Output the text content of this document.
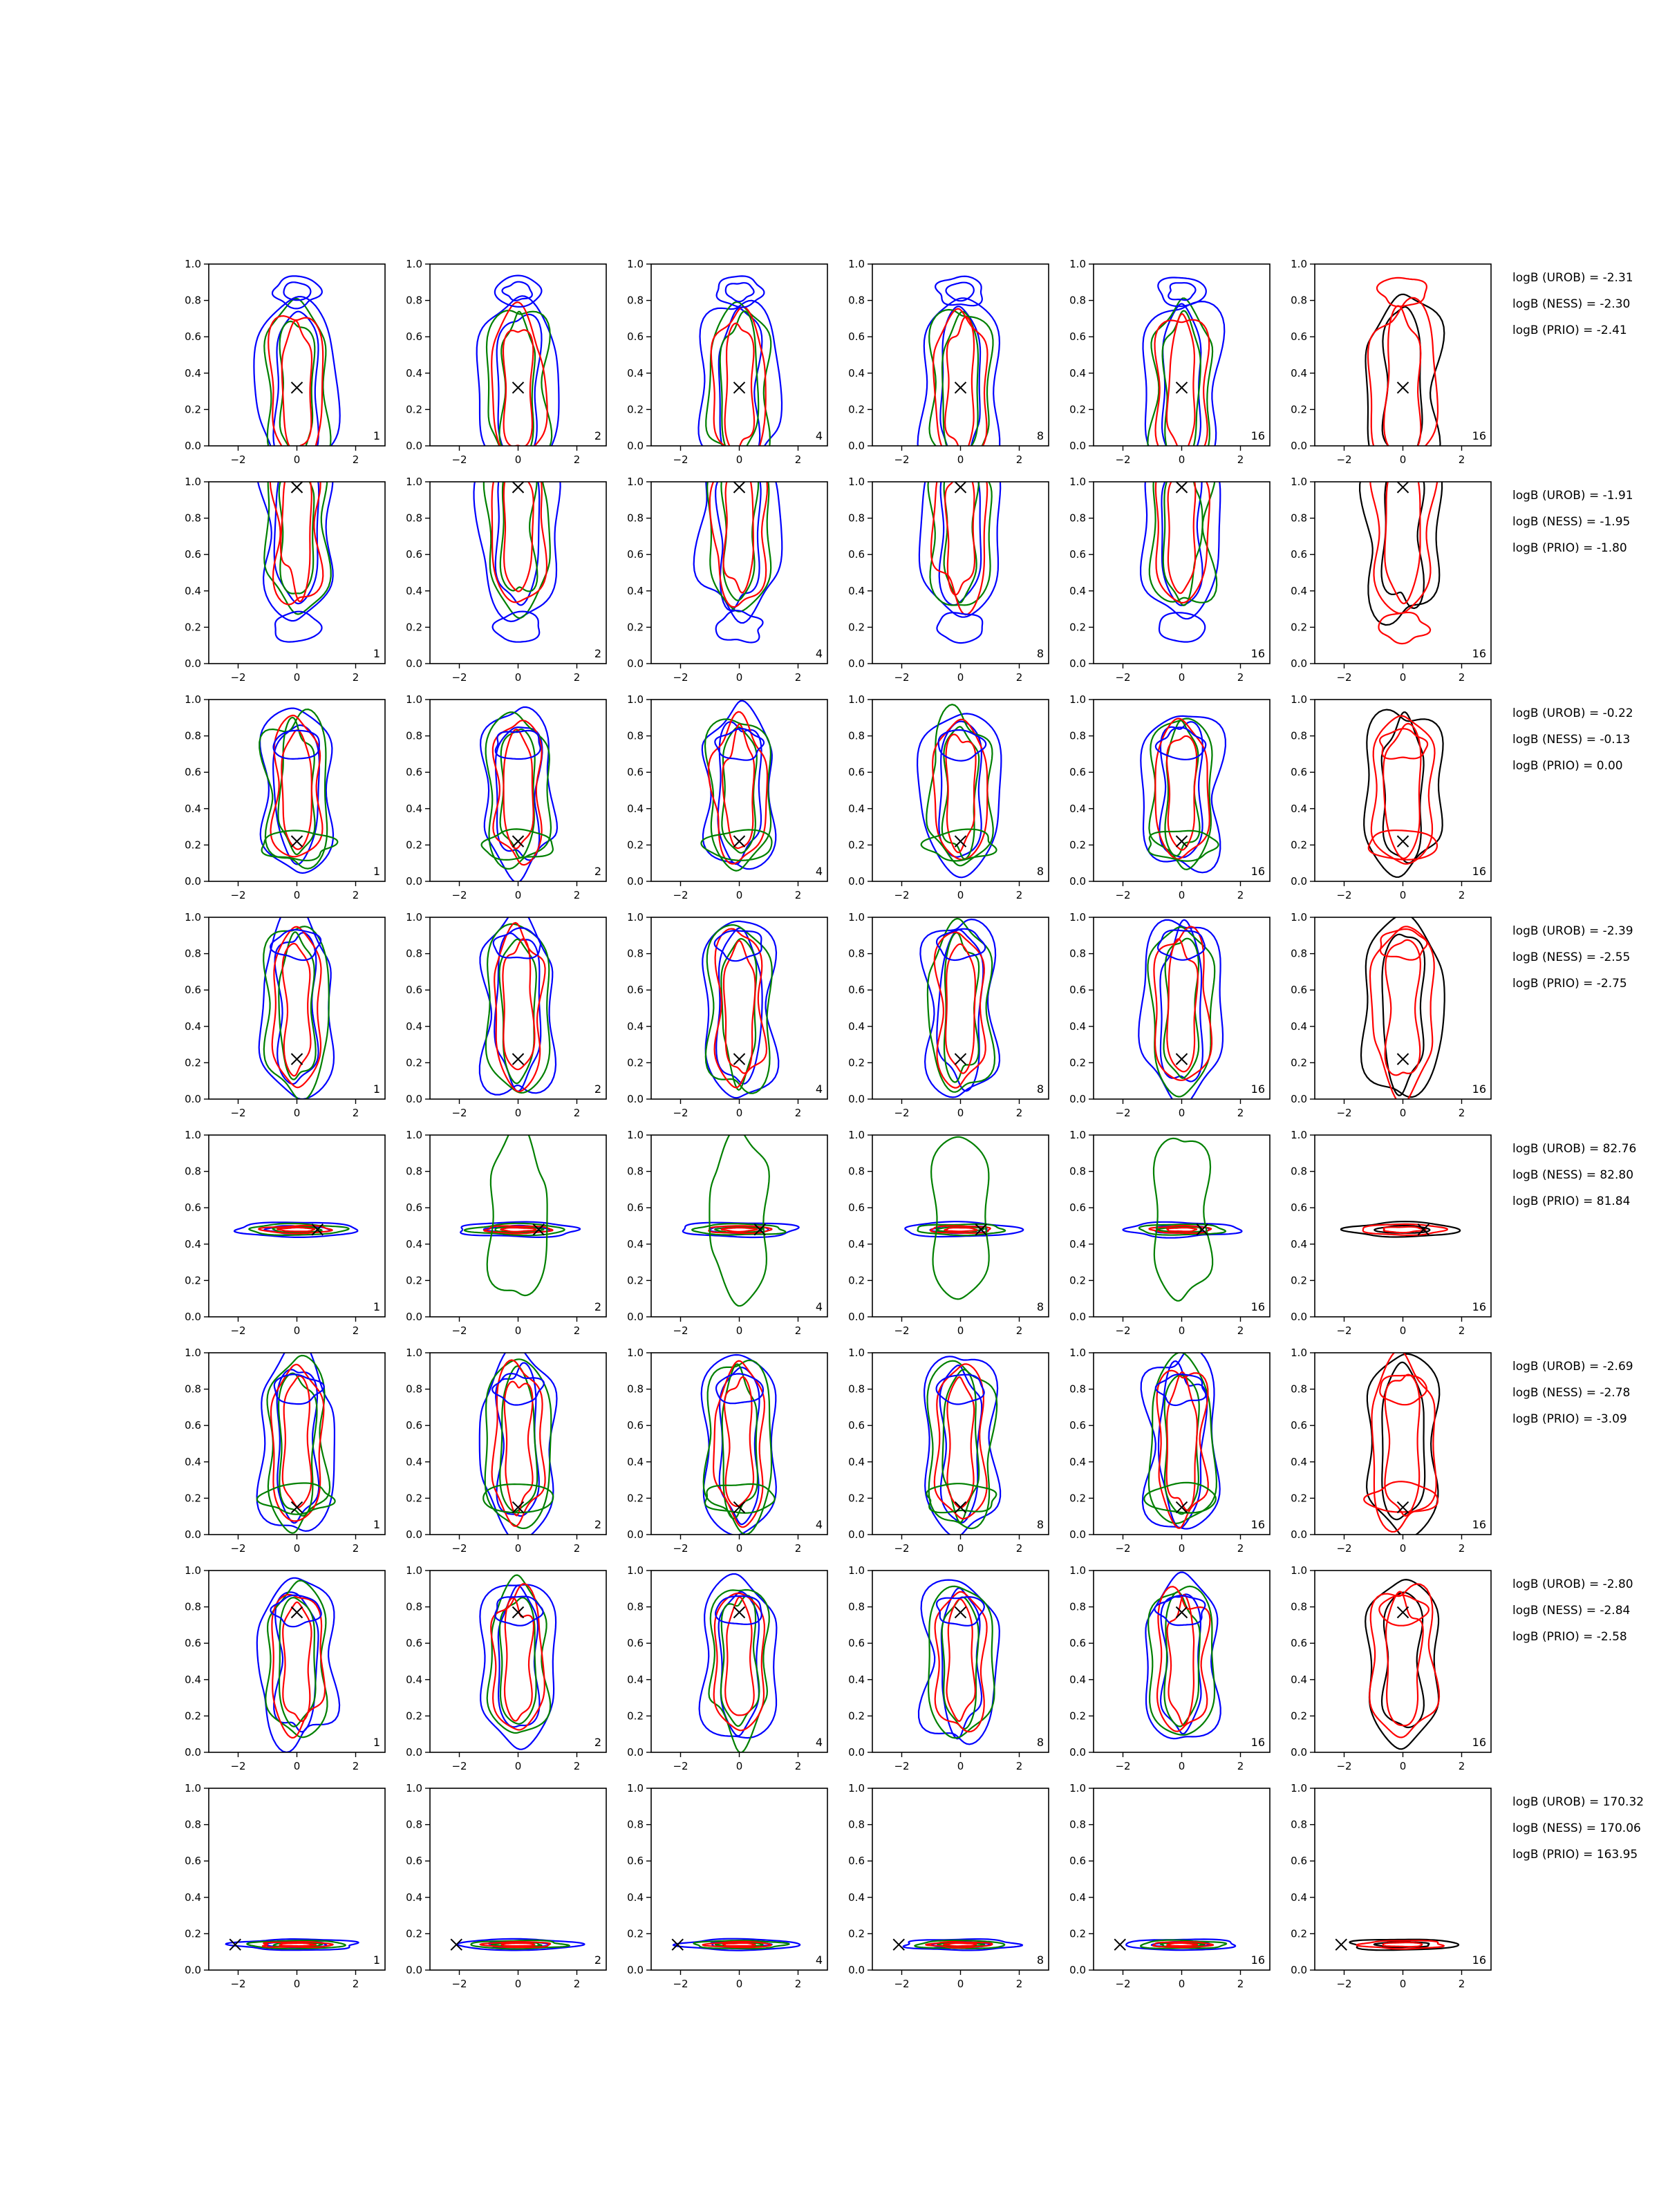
−2	0	2
0.0
0.2
0.4
0.6
0.8
1.0
1
−2	0	2
0.0
0.2
0.4
0.6
0.8
1.0
2
−2	0	2
0.0
0.2
0.4
0.6
0.8
1.0
4
−2	0	2
0.0
0.2
0.4
0.6
0.8
1.0
8
−2	0	2
0.0
0.2
0.4
0.6
0.8
1.0
16
−2	0	2
0.0
0.2
0.4
0.6
0.8
1.0
16
logB (UROB) = -2.31
logB (NESS) = -2.30
logB (PRIO) = -2.41
−2	0	2
0.0
0.2
0.4
0.6
0.8
1.0
1
−2	0	2
0.0
0.2
0.4
0.6
0.8
1.0
2
−2	0	2
0.0
0.2
0.4
0.6
0.8
1.0
4
−2	0	2
0.0
0.2
0.4
0.6
0.8
1.0
8
−2	0	2
0.0
0.2
0.4
0.6
0.8
1.0
16
−2	0	2
0.0
0.2
0.4
0.6
0.8
1.0
16
logB (UROB) = -1.91
logB (NESS) = -1.95
logB (PRIO) = -1.80
−2	0	2
0.0
0.2
0.4
0.6
0.8
1.0
1
−2	0	2
0.0
0.2
0.4
0.6
0.8
1.0
2
−2	0	2
0.0
0.2
0.4
0.6
0.8
1.0
4
−2	0	2
0.0
0.2
0.4
0.6
0.8
1.0
8
−2	0	2
0.0
0.2
0.4
0.6
0.8
1.0
16
−2	0	2
0.0
0.2
0.4
0.6
0.8
1.0
16
logB (UROB) = -0.22
logB (NESS) = -0.13
logB (PRIO) = 0.00
−2	0	2
0.0
0.2
0.4
0.6
0.8
1.0
1
−2	0	2
0.0
0.2
0.4
0.6
0.8
1.0
2
−2	0	2
0.0
0.2
0.4
0.6
0.8
1.0
4
−2	0	2
0.0
0.2
0.4
0.6
0.8
1.0
8
−2	0	2
0.0
0.2
0.4
0.6
0.8
1.0
16
−2	0	2
0.0
0.2
0.4
0.6
0.8
1.0
16
logB (UROB) = -2.39
logB (NESS) = -2.55
logB (PRIO) = -2.75
−2	0	2
0.0
0.2
0.4
0.6
0.8
1.0
1
−2	0	2
0.0
0.2
0.4
0.6
0.8
1.0
2
−2	0	2
0.0
0.2
0.4
0.6
0.8
1.0
4
−2	0	2
0.0
0.2
0.4
0.6
0.8
1.0
8
−2	0	2
0.0
0.2
0.4
0.6
0.8
1.0
16
−2	0	2
0.0
0.2
0.4
0.6
0.8
1.0
16
logB (UROB) = 82.76
logB (NESS) = 82.80
logB (PRIO) = 81.84
−2	0	2
0.0
0.2
0.4
0.6
0.8
1.0
1
−2	0	2
0.0
0.2
0.4
0.6
0.8
1.0
2
−2	0	2
0.0
0.2
0.4
0.6
0.8
1.0
4
−2	0	2
0.0
0.2
0.4
0.6
0.8
1.0
8
−2	0	2
0.0
0.2
0.4
0.6
0.8
1.0
16
−2	0	2
0.0
0.2
0.4
0.6
0.8
1.0
16
logB (UROB) = -2.69
logB (NESS) = -2.78
logB (PRIO) = -3.09
−2	0	2
0.0
0.2
0.4
0.6
0.8
1.0
1
−2	0	2
0.0
0.2
0.4
0.6
0.8
1.0
2
−2	0	2
0.0
0.2
0.4
0.6
0.8
1.0
4
−2	0	2
0.0
0.2
0.4
0.6
0.8
1.0
8
−2	0	2
0.0
0.2
0.4
0.6
0.8
1.0
16
−2	0	2
0.0
0.2
0.4
0.6
0.8
1.0
16
logB (UROB) = -2.80
logB (NESS) = -2.84
logB (PRIO) = -2.58
−2	0	2
0.0
0.2
0.4
0.6
0.8
1.0
1
−2	0	2
0.0
0.2
0.4
0.6
0.8
1.0
2
−2	0	2
0.0
0.2
0.4
0.6
0.8
1.0
4
−2	0	2
0.0
0.2
0.4
0.6
0.8
1.0
8
−2	0	2
0.0
0.2
0.4
0.6
0.8
1.0
16
−2	0	2
0.0
0.2
0.4
0.6
0.8
1.0
16
logB (UROB) = 170.32
logB (NESS) = 170.06
logB (PRIO) = 163.95
